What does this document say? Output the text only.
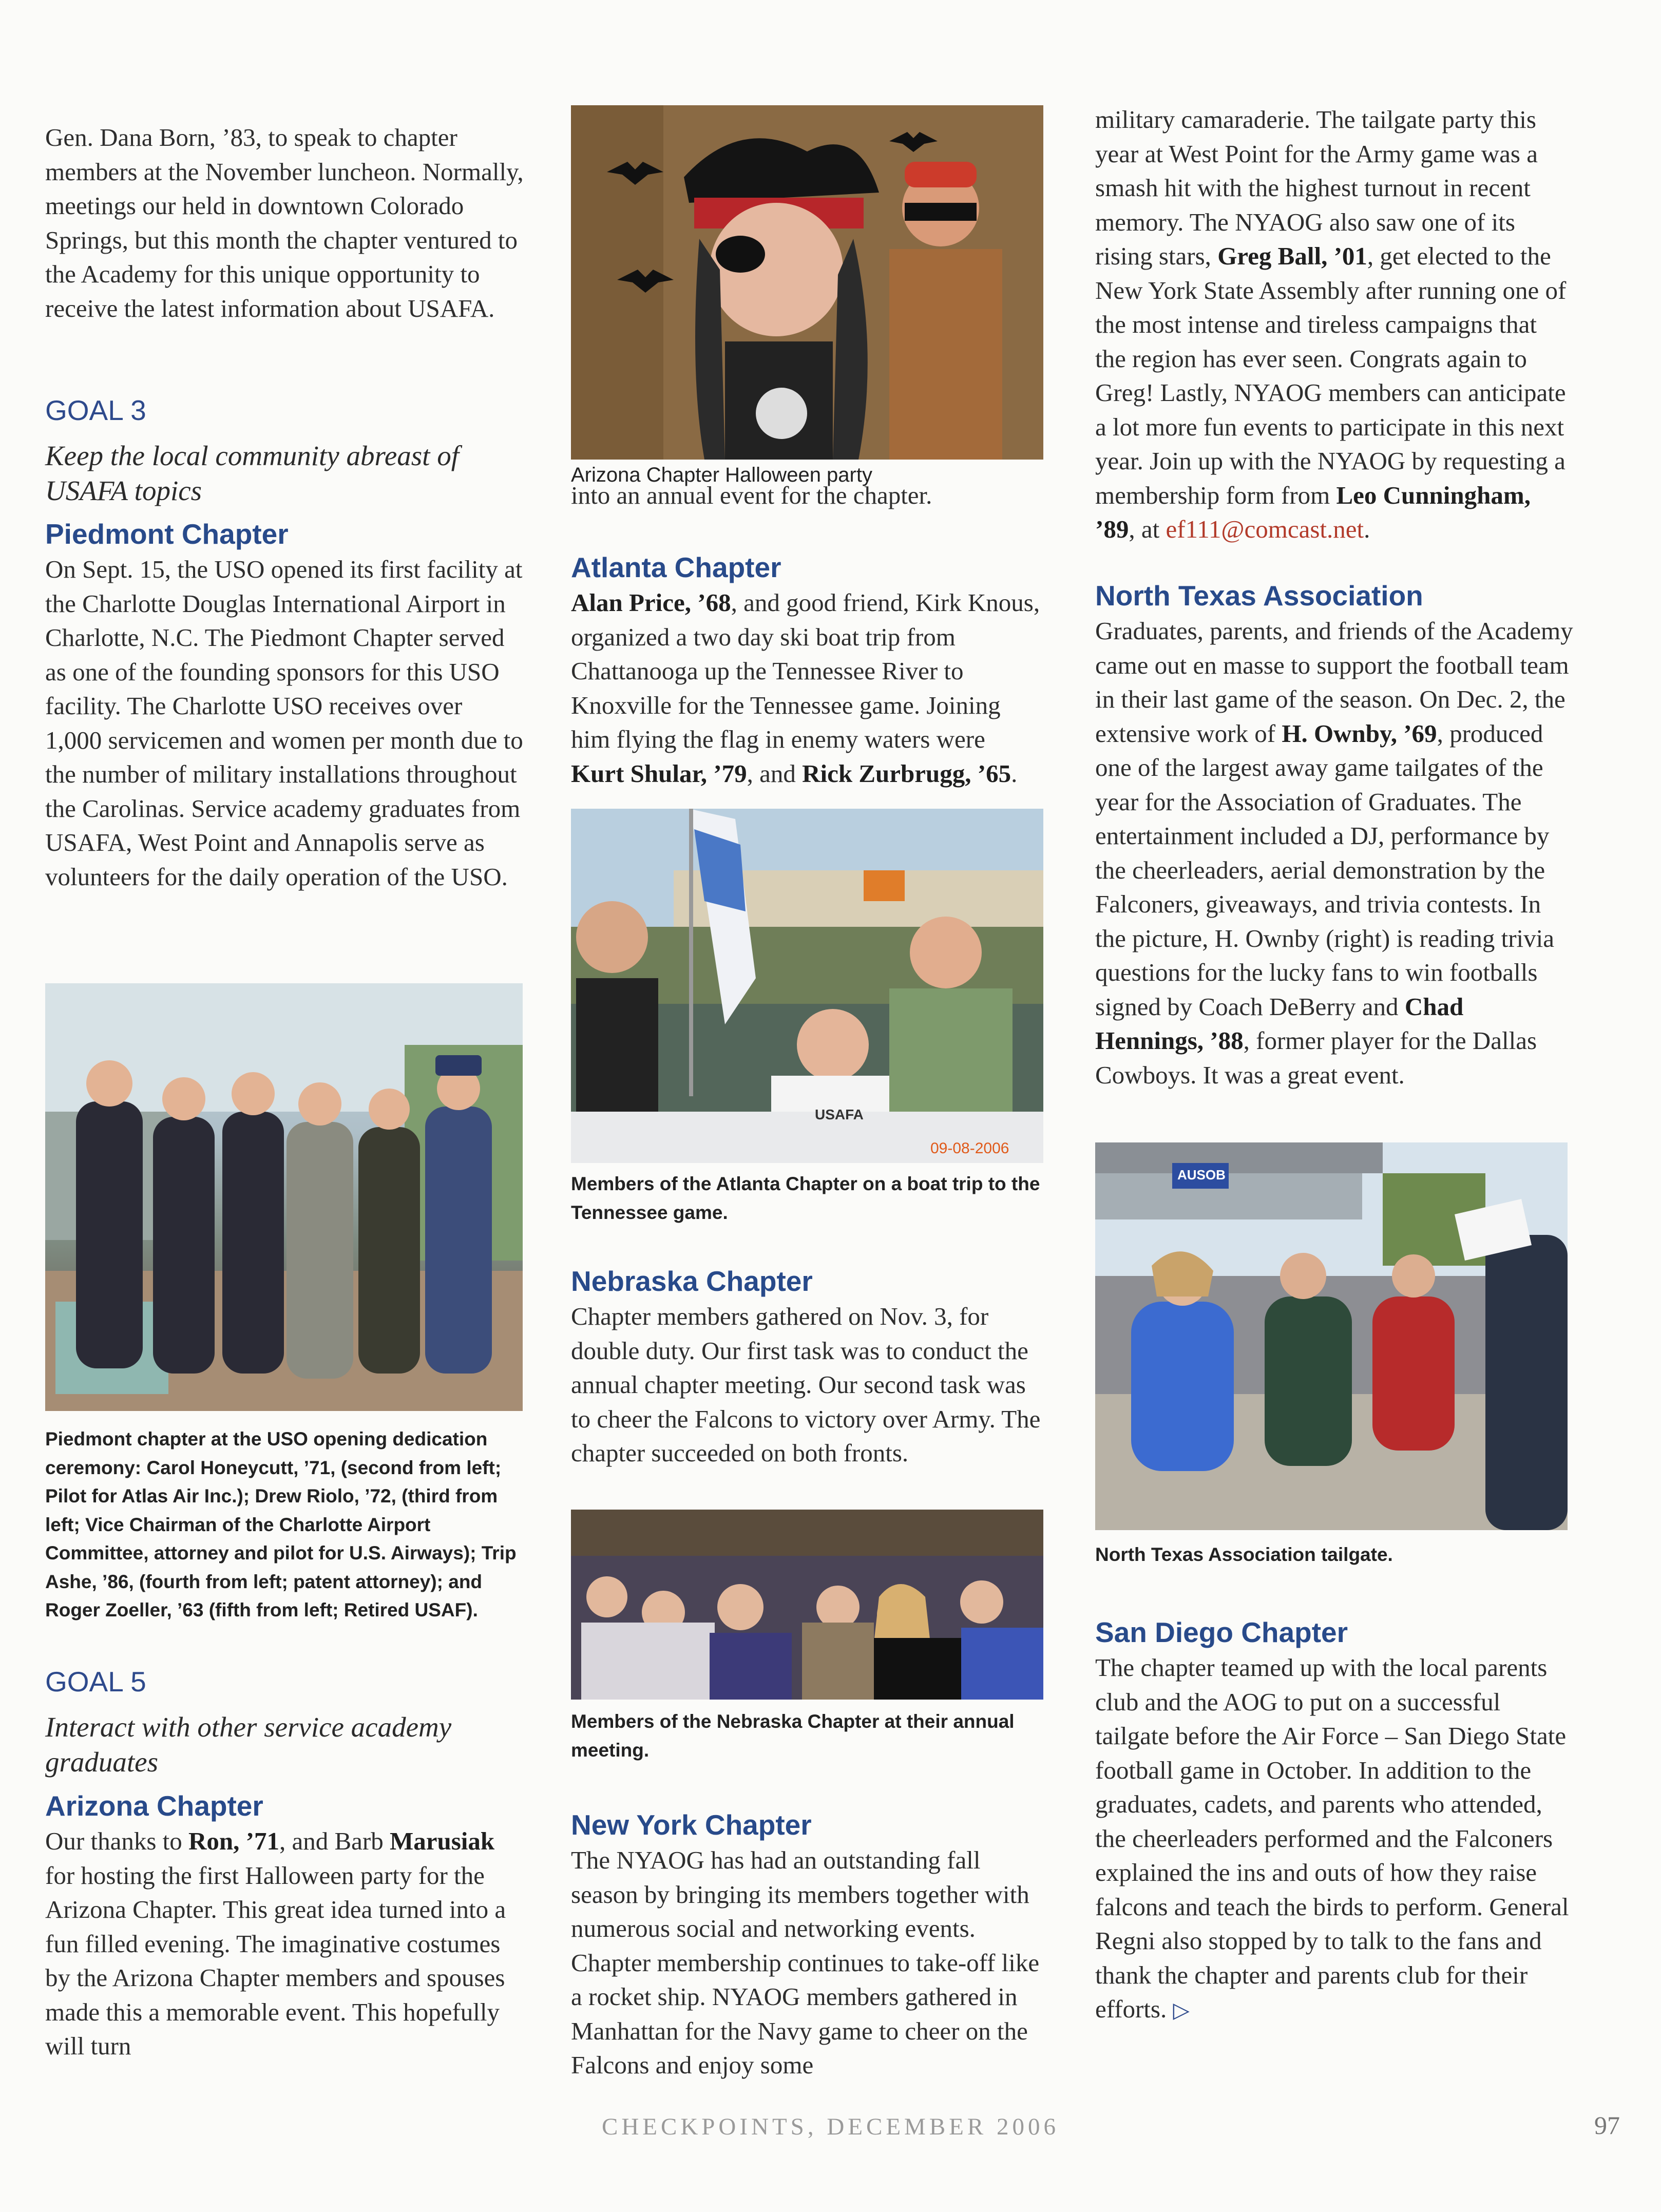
Gen. Dana Born, ’83, to speak to chapter members at the November luncheon. Normally, meetings our held in downtown Colorado Springs, but this month the chapter ventured to the Academy for this unique opportunity to receive the latest information about USAFA.

GOAL 3

Keep the local community abreast of USAFA topics

Piedmont Chapter

On Sept. 15, the USO opened its first facility at the Charlotte Douglas International Airport in Charlotte, N.C. The Piedmont Chapter served as one of the founding sponsors for this USO facility. The Charlotte USO receives over 1,000 servicemen and women per month due to the number of military installations throughout the Carolinas. Service academy graduates from USAFA, West Point and Annapolis serve as volunteers for the daily operation of the USO.

Piedmont chapter at the USO opening dedication ceremony: Carol Honeycutt, ’71, (second from left; Pilot for Atlas Air Inc.); Drew Riolo, ’72, (third from left; Vice Chairman of the Charlotte Airport Committee, attorney and pilot for U.S. Airways); Trip Ashe, ’86, (fourth from left; patent attorney); and Roger Zoeller, ’63 (fifth from left; Retired USAF).

GOAL 5

Interact with other service academy graduates

Arizona Chapter

Our thanks to Ron, ’71, and Barb Marusiak for hosting the first Halloween party for the Arizona Chapter. This great idea turned into a fun filled evening. The imaginative costumes by the Arizona Chapter members and spouses made this a memorable event. This hopefully will turn

Arizona Chapter Halloween party

into an annual event for the chapter.

Atlanta Chapter

Alan Price, ’68, and good friend, Kirk Knous, organized a two day ski boat trip from Chattanooga up the Tennessee River to Knoxville for the Tennessee game. Joining him flying the flag in enemy waters were Kurt Shular, ’79, and Rick Zurbrugg, ’65.

09-08-2006
USAFA

Members of the Atlanta Chapter on a boat trip to the Tennessee game.

Nebraska Chapter

Chapter members gathered on Nov. 3, for double duty. Our first task was to conduct the annual chapter meeting. Our second task was to cheer the Falcons to victory over Army. The chapter succeeded on both fronts.

Members of the Nebraska Chapter at their annual meeting.

New York Chapter

The NYAOG has had an outstanding fall season by bringing its members together with numerous social and networking events. Chapter membership continues to take-off like a rocket ship. NYAOG members gathered in Manhattan for the Navy game to cheer on the Falcons and enjoy some

military camaraderie. The tailgate party this year at West Point for the Army game was a smash hit with the highest turnout in recent memory. The NYAOG also saw one of its rising stars, Greg Ball, ’01, get elected to the New York State Assembly after running one of the most intense and tireless campaigns that the region has ever seen. Congrats again to Greg! Lastly, NYAOG members can anticipate a lot more fun events to participate in this next year. Join up with the NYAOG by requesting a membership form from Leo Cunningham, ’89, at ef111@comcast.net.

North Texas Association

Graduates, parents, and friends of the Academy came out en masse to support the football team in their last game of the season. On Dec. 2, the extensive work of H. Ownby, ’69, produced one of the largest away game tailgates of the year for the Association of Graduates. The entertainment included a DJ, performance by the cheerleaders, aerial demonstration by the Falconers, giveaways, and trivia contests. In the picture, H. Ownby (right) is reading trivia questions for the lucky fans to win footballs signed by Coach DeBerry and Chad Hennings, ’88, former player for the Dallas Cowboys. It was a great event.

AUSOB

North Texas Association tailgate.

San Diego Chapter

The chapter teamed up with the local parents club and the AOG to put on a successful tailgate before the Air Force – San Diego State football game in October. In addition to the graduates, cadets, and parents who attended, the cheerleaders performed and the Falconers explained the ins and outs of how they raise falcons and teach the birds to perform. General Regni also stopped by to talk to the fans and thank the chapter and parents club for their efforts. ▷

CHECKPOINTS, DECEMBER 2006	97
